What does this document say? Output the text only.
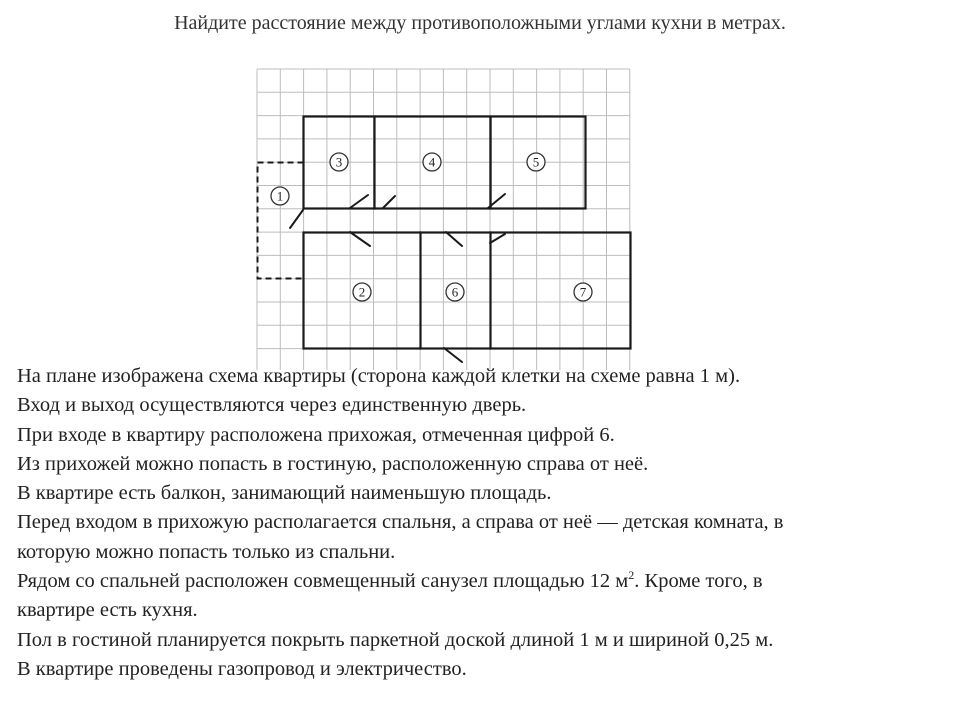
Найдите расстояние между противоположными углами кухни в метрах.
1
2
3	4	5
6	7

На плане изображена схема квартиры (сторона каждой клетки на схеме равна 1 м).

Вход и выход осуществляются через единственную дверь.

При входе в квартиру расположена прихожая, отмеченная цифрой 6.

Из прихожей можно попасть в гостиную, расположенную справа от неё.

В квартире есть балкон, занимающий наименьшую площадь.

Перед входом в прихожую располагается спальня, а справа от неё — детская комната, в

которую можно попасть только из спальни.

Рядом со спальней расположен совмещенный санузел площадью 12 $м^2$. Кроме того, в

квартире есть кухня.

Пол в гостиной планируется покрыть паркетной доской длиной 1 м и шириной 0,25 м.

В квартире проведены газопровод и электричество.
